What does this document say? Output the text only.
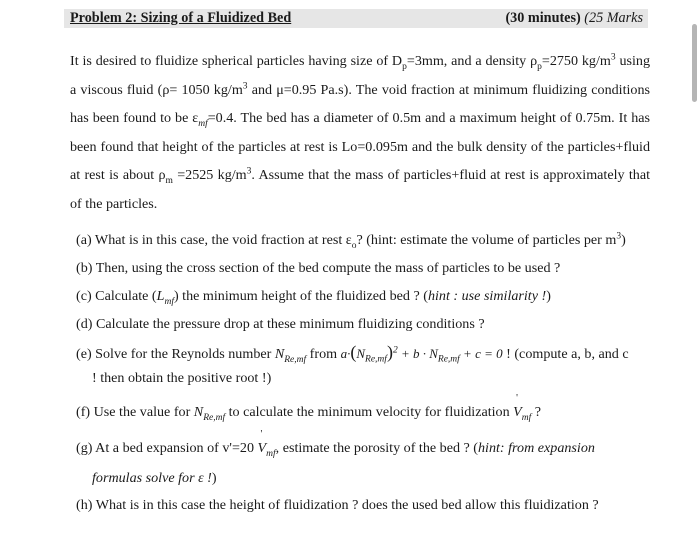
Problem 2: Sizing of a Fluidized Bed	(30 minutes) (25 Marks
It is desired to fluidize spherical particles having size of $D_p=3mm$, and a density $\rho_p=2750$ $kg/m^3$ using a viscous fluid (ρ= 1050 $kg/m^3$ and μ=0.95 Pa.s). The void fraction at minimum fluidizing conditions has been found to be $\varepsilon_{mf}=0.4$. The bed has a diameter of 0.5m and a maximum height of 0.75m. It has been found that height of the particles at rest is Lo=0.095m and the bulk density of the particles+fluid at rest is about $\rho_m =2525$ $kg/m^3$. Assume that the mass of particles+fluid at rest is approximately that of the particles.
(a) What is in this case, the void fraction at rest $\varepsilon_o$? (hint: estimate the volume of particles per $m^3$)
(b) Then, using the cross section of the bed compute the mass of particles to be used ?
(c) Calculate $(L_{mf})$ the minimum height of the fluidized bed ? (hint : use similarity !)
(d) Calculate the pressure drop at these minimum fluidizing conditions ?
(e) Solve for the Reynolds number $N_{Re,mf}$ from $a\cdot(N_{Re,mf})^2 + b \cdot N_{Re,mf} + c = 0$ ! (compute a, b, and c
! then obtain the positive root !)
(f) Use the value for $N_{Re,mf}$ to calculate the minimum velocity for fluidization V
'
$_{mf}$ ?
(g) At a bed expansion of v'=20 V
'
$_{mf}$, estimate the porosity of the bed ? (hint: from expansion
formulas solve for ε !)
(h) What is in this case the height of fluidization ? does the used bed allow this fluidization ?
